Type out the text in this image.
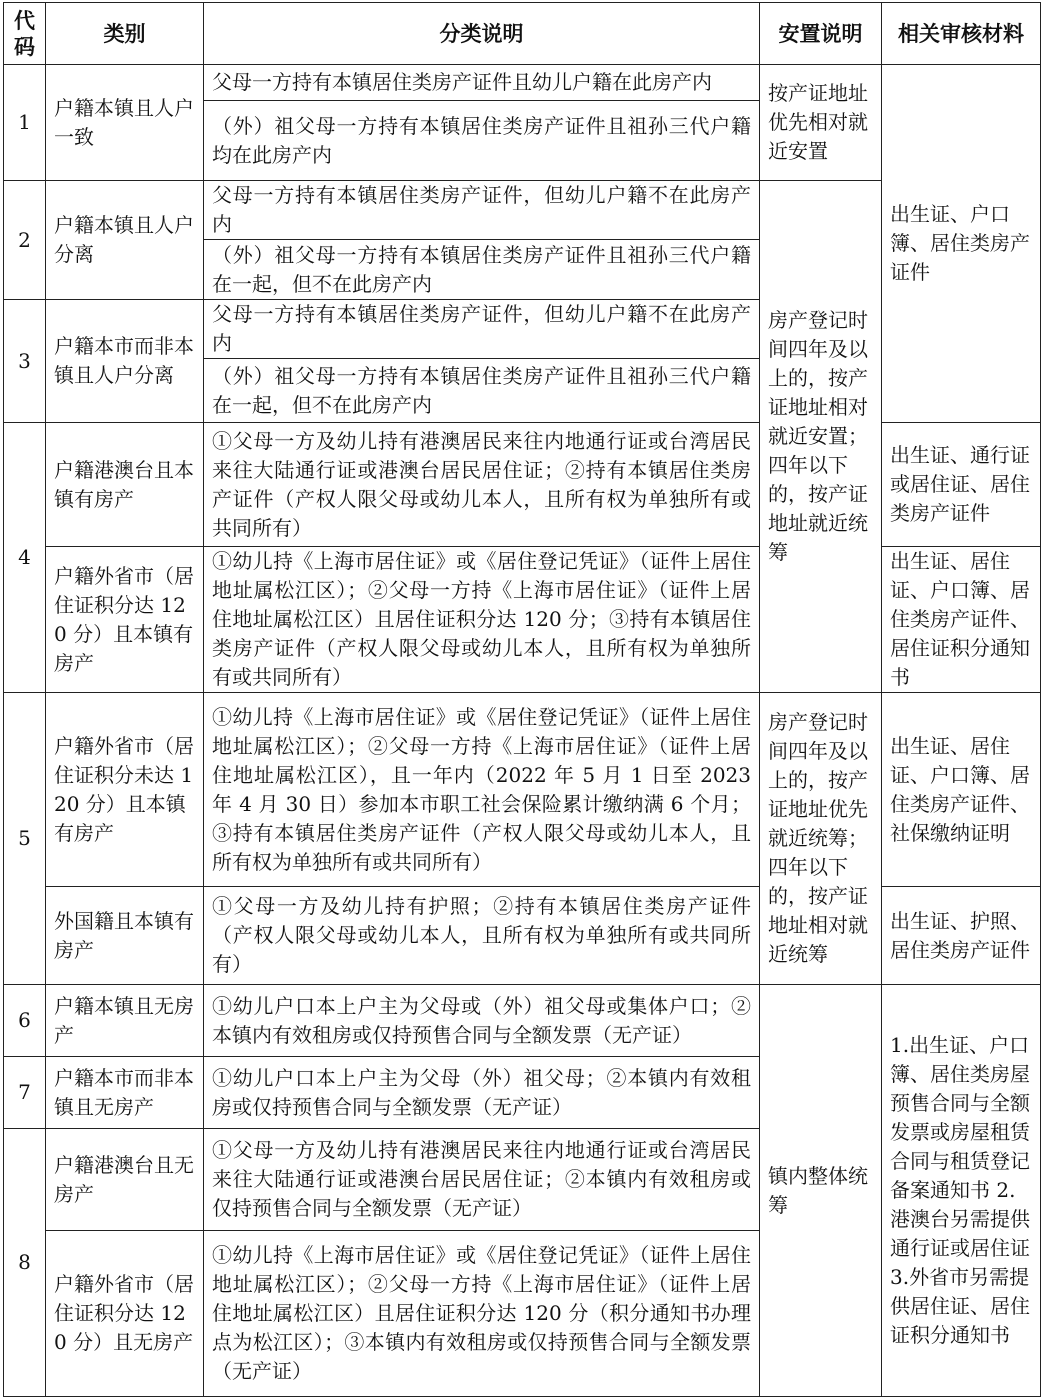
代码	类别	分类说明	安置说明	相关审核材料
1	户籍本镇且人户一致	父母一方持有本镇居住类房产证件且幼儿户籍在此房产内	按产证地址优先相对就近安置	出生证、户口簿、居住类房产证件
		（外）祖父母一方持有本镇居住类房产证件且祖孙三代户籍均在此房产内		
2	户籍本镇且人户分离	父母一方持有本镇居住类房产证件，但幼儿户籍不在此房产内	房产登记时间四年及以上的，按产证地址相对就近安置；四年以下的，按产证地址就近统筹	
		（外）祖父母一方持有本镇居住类房产证件且祖孙三代户籍在一起，但不在此房产内		
3	户籍本市而非本镇且人户分离	父母一方持有本镇居住类房产证件，但幼儿户籍不在此房产内		
		（外）祖父母一方持有本镇居住类房产证件且祖孙三代户籍在一起，但不在此房产内		
4	户籍港澳台且本镇有房产	①父母一方及幼儿持有港澳居民来往内地通行证或台湾居民来往大陆通行证或港澳台居民居住证；②持有本镇居住类房产证件（产权人限父母或幼儿本人，且所有权为单独所有或共同所有）		出生证、通行证或居住证、居住类房产证件
	户籍外省市（居住证积分达 120 分）且本镇有房产	①幼儿持《上海市居住证》或《居住登记凭证》（证件上居住地址属松江区）；②父母一方持《上海市居住证》（证件上居住地址属松江区）且居住证积分达 120 分；③持有本镇居住类房产证件（产权人限父母或幼儿本人，且所有权为单独所有或共同所有）		出生证、居住证、户口簿、居住类房产证件、居住证积分通知书
5	户籍外省市（居住证积分未达 120 分）且本镇有房产	①幼儿持《上海市居住证》或《居住登记凭证》（证件上居住地址属松江区）；②父母一方持《上海市居住证》（证件上居住地址属松江区），且一年内（2022 年 5 月 1 日至 2023 年 4 月 30 日）参加本市职工社会保险累计缴纳满 6 个月；③持有本镇居住类房产证件（产权人限父母或幼儿本人，且所有权为单独所有或共同所有）	房产登记时间四年及以上的，按产证地址优先就近统筹；四年以下的，按产证地址相对就近统筹	出生证、居住证、户口簿、居住类房产证件、社保缴纳证明
	外国籍且本镇有房产	①父母一方及幼儿持有护照；②持有本镇居住类房产证件（产权人限父母或幼儿本人，且所有权为单独所有或共同所有）		出生证、护照、居住类房产证件
6	户籍本镇且无房产	①幼儿户口本上户主为父母或（外）祖父母或集体户口；②本镇内有效租房或仅持预售合同与全额发票（无产证）	镇内整体统筹	1.出生证、户口簿、居住类房屋预售合同与全额发票或房屋租赁合同与租赁登记备案通知书 2.港澳台另需提供通行证或居住证 3.外省市另需提供居住证、居住证积分通知书
7	户籍本市而非本镇且无房产	①幼儿户口本上户主为父母（外）祖父母；②本镇内有效租房或仅持预售合同与全额发票（无产证）		
8	户籍港澳台且无房产	①父母一方及幼儿持有港澳居民来往内地通行证或台湾居民来往大陆通行证或港澳台居民居住证；②本镇内有效租房或仅持预售合同与全额发票（无产证）		
	户籍外省市（居住证积分达 120 分）且无房产	①幼儿持《上海市居住证》或《居住登记凭证》（证件上居住地址属松江区）；②父母一方持《上海市居住证》（证件上居住地址属松江区）且居住证积分达 120 分（积分通知书办理点为松江区）；③本镇内有效租房或仅持预售合同与全额发票（无产证）		
